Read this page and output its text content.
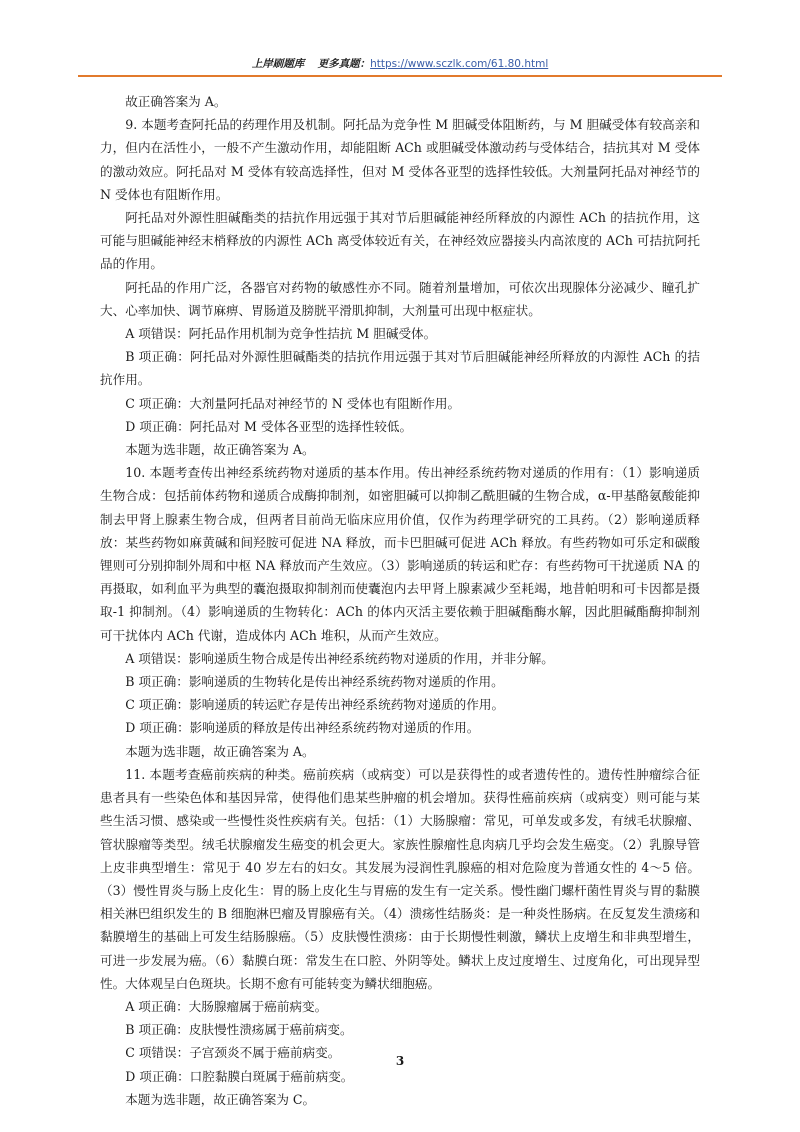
上岸刷题库 更多真题：https://www.sczlk.com/61.80.html

故正确答案为 A。

9. 本题考查阿托品的药理作用及机制。阿托品为竞争性 M 胆碱受体阻断药，与 M 胆碱受体有较高亲和力，但内在活性小，一般不产生激动作用，却能阻断 ACh 或胆碱受体激动药与受体结合，拮抗其对 M 受体的激动效应。阿托品对 M 受体有较高选择性，但对 M 受体各亚型的选择性较低。大剂量阿托品对神经节的 N 受体也有阻断作用。

阿托品对外源性胆碱酯类的拮抗作用远强于其对节后胆碱能神经所释放的内源性 ACh 的拮抗作用，这可能与胆碱能神经末梢释放的内源性 ACh 离受体较近有关，在神经效应器接头内高浓度的 ACh 可拮抗阿托品的作用。

阿托品的作用广泛，各器官对药物的敏感性亦不同。随着剂量增加，可依次出现腺体分泌减少、瞳孔扩大、心率加快、调节麻痹、胃肠道及膀胱平滑肌抑制，大剂量可出现中枢症状。

A 项错误：阿托品作用机制为竞争性拮抗 M 胆碱受体。

B 项正确：阿托品对外源性胆碱酯类的拮抗作用远强于其对节后胆碱能神经所释放的内源性 ACh 的拮抗作用。

C 项正确：大剂量阿托品对神经节的 N 受体也有阻断作用。

D 项正确：阿托品对 M 受体各亚型的选择性较低。

本题为选非题，故正确答案为 A。

10. 本题考查传出神经系统药物对递质的基本作用。传出神经系统药物对递质的作用有：（1）影响递质生物合成：包括前体药物和递质合成酶抑制剂，如密胆碱可以抑制乙酰胆碱的生物合成，α-甲基酪氨酸能抑制去甲肾上腺素生物合成，但两者目前尚无临床应用价值，仅作为药理学研究的工具药。（2）影响递质释放：某些药物如麻黄碱和间羟胺可促进 NA 释放，而卡巴胆碱可促进 ACh 释放。有些药物如可乐定和碳酸锂则可分别抑制外周和中枢 NA 释放而产生效应。（3）影响递质的转运和贮存：有些药物可干扰递质 NA 的再摄取，如利血平为典型的囊泡摄取抑制剂而使囊泡内去甲肾上腺素减少至耗竭，地昔帕明和可卡因都是摄取-1 抑制剂。（4）影响递质的生物转化：ACh 的体内灭活主要依赖于胆碱酯酶水解，因此胆碱酯酶抑制剂可干扰体内 ACh 代谢，造成体内 ACh 堆积，从而产生效应。

A 项错误：影响递质生物合成是传出神经系统药物对递质的作用，并非分解。

B 项正确：影响递质的生物转化是传出神经系统药物对递质的作用。

C 项正确：影响递质的转运贮存是传出神经系统药物对递质的作用。

D 项正确：影响递质的释放是传出神经系统药物对递质的作用。

本题为选非题，故正确答案为 A。

11. 本题考查癌前疾病的种类。癌前疾病（或病变）可以是获得性的或者遗传性的。遗传性肿瘤综合征患者具有一些染色体和基因异常，使得他们患某些肿瘤的机会增加。获得性癌前疾病（或病变）则可能与某些生活习惯、感染或一些慢性炎性疾病有关。包括：（1）大肠腺瘤：常见，可单发或多发，有绒毛状腺瘤、管状腺瘤等类型。绒毛状腺瘤发生癌变的机会更大。家族性腺瘤性息肉病几乎均会发生癌变。（2）乳腺导管上皮非典型增生：常见于 40 岁左右的妇女。其发展为浸润性乳腺癌的相对危险度为普通女性的 4～5 倍。（3）慢性胃炎与肠上皮化生：胃的肠上皮化生与胃癌的发生有一定关系。慢性幽门螺杆菌性胃炎与胃的黏膜相关淋巴组织发生的 B 细胞淋巴瘤及胃腺癌有关。（4）溃疡性结肠炎：是一种炎性肠病。在反复发生溃疡和黏膜增生的基础上可发生结肠腺癌。（5）皮肤慢性溃疡：由于长期慢性刺激，鳞状上皮增生和非典型增生，可进一步发展为癌。（6）黏膜白斑：常发生在口腔、外阴等处。鳞状上皮过度增生、过度角化，可出现异型性。大体观呈白色斑块。长期不愈有可能转变为鳞状细胞癌。

A 项正确：大肠腺瘤属于癌前病变。

B 项正确：皮肤慢性溃疡属于癌前病变。

C 项错误：子宫颈炎不属于癌前病变。

D 项正确：口腔黏膜白斑属于癌前病变。

本题为选非题，故正确答案为 C。

3
